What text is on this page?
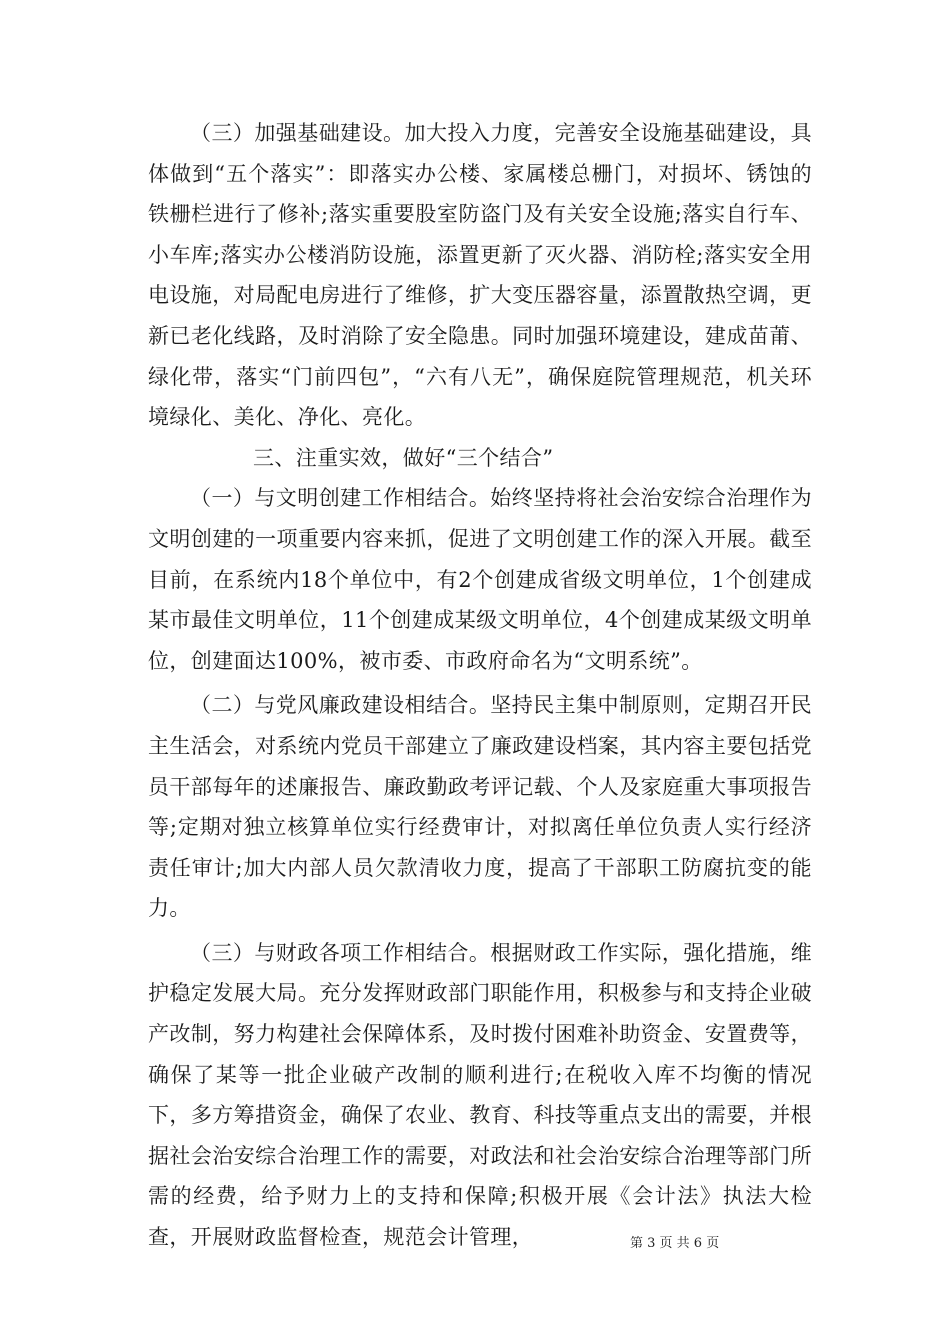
（三）加强基础建设。加大投入力度，完善安全设施基础建设，具体做到“五个落实”：即落实办公楼、家属楼总栅门，对损坏、锈蚀的铁栅栏进行了修补;落实重要股室防盗门及有关安全设施;落实自行车、小车库;落实办公楼消防设施，添置更新了灭火器、消防栓;落实安全用电设施，对局配电房进行了维修，扩大变压器容量，添置散热空调，更新已老化线路，及时消除了安全隐患。同时加强环境建设，建成苗莆、绿化带，落实“门前四包”，“六有八无”，确保庭院管理规范，机关环境绿化、美化、净化、亮化。

三、注重实效，做好“三个结合”

（一）与文明创建工作相结合。始终坚持将社会治安综合治理作为文明创建的一项重要内容来抓，促进了文明创建工作的深入开展。截至目前，在系统内18个单位中，有2个创建成省级文明单位，1个创建成某市最佳文明单位，11个创建成某级文明单位，4个创建成某级文明单位，创建面达100%，被市委、市政府命名为“文明系统”。

（二）与党风廉政建设相结合。坚持民主集中制原则，定期召开民主生活会，对系统内党员干部建立了廉政建设档案，其内容主要包括党员干部每年的述廉报告、廉政勤政考评记载、个人及家庭重大事项报告等;定期对独立核算单位实行经费审计，对拟离任单位负责人实行经济责任审计;加大内部人员欠款清收力度，提高了干部职工防腐抗变的能力。

（三）与财政各项工作相结合。根据财政工作实际，强化措施，维护稳定发展大局。充分发挥财政部门职能作用，积极参与和支持企业破产改制，努力构建社会保障体系，及时拨付困难补助资金、安置费等，确保了某等一批企业破产改制的顺利进行;在税收入库不均衡的情况下，多方筹措资金，确保了农业、教育、科技等重点支出的需要，并根据社会治安综合治理工作的需要，对政法和社会治安综合治理等部门所需的经费，给予财力上的支持和保障;积极开展《会计法》执法大检查，开展财政监督检查，规范会计管理，	第 3 页 共 6 页
